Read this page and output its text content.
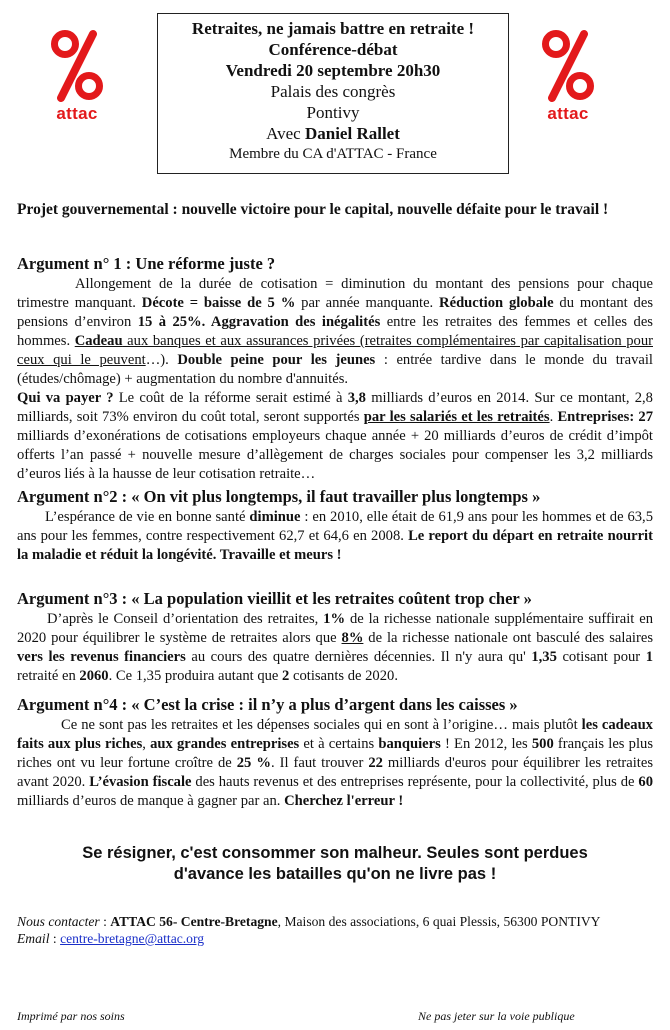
attac	attac
Retraites, ne jamais battre en retraite !
Conférence-débat
Vendredi 20 septembre 20h30
Palais des congrès
Pontivy
Avec Daniel Rallet
Membre du CA d'ATTAC - France
Projet gouvernemental : nouvelle victoire pour le capital, nouvelle défaite pour le travail !
Argument n° 1 : Une réforme juste ?

Allongement de la durée de cotisation = diminution du montant des pensions pour chaque trimestre manquant. Décote = baisse de 5 % par année manquante. Réduction globale du montant des pensions d’environ 15 à 25%. Aggravation des inégalités entre les retraites des femmes et celles des hommes. Cadeau aux banques et aux assurances privées (retraites complémentaires par capitalisation pour ceux qui le peuvent…). Double peine pour les jeunes : entrée tardive dans le monde du travail (études/chômage) + augmentation du nombre d'annuités.

Qui va payer ? Le coût de la réforme serait estimé à 3,8 milliards d’euros en 2014. Sur ce montant, 2,8 milliards, soit 73% environ du coût total, seront supportés par les salariés et les retraités. Entreprises: 27 milliards d’exonérations de cotisations employeurs chaque année + 20 milliards d’euros de crédit d’impôt offerts l’an passé + nouvelle mesure d’allègement de charges sociales pour compenser les 3,2 milliards d’euros liés à la hausse de leur cotisation retraite…

Argument n°2 : « On vit plus longtemps, il faut travailler plus longtemps »

L’espérance de vie en bonne santé diminue : en 2010, elle était de 61,9 ans pour les hommes et de 63,5 ans pour les femmes, contre respectivement 62,7 et 64,6 en 2008. Le report du départ en retraite nourrit la maladie et réduit la longévité. Travaille et meurs !

Argument n°3 : « La population vieillit et les retraites coûtent trop cher »

D’après le Conseil d’orientation des retraites, 1% de la richesse nationale supplémentaire suffirait en 2020 pour équilibrer le système de retraites alors que 8% de la richesse nationale ont basculé des salaires vers les revenus financiers au cours des quatre dernières décennies. Il n'y aura qu' 1,35 cotisant pour 1 retraité en 2060. Ce 1,35 produira autant que 2 cotisants de 2020.

Argument n°4 : « C’est la crise : il n’y a plus d’argent dans les caisses »

Ce ne sont pas les retraites et les dépenses sociales qui en sont à l’origine… mais plutôt les cadeaux faits aux plus riches, aux grandes entreprises et à certains banquiers ! En 2012, les 500 français les plus riches ont vu leur fortune croître de 25 %. Il faut trouver 22 milliards d'euros pour équilibrer les retraites avant 2020. L’évasion fiscale des hauts revenus et des entreprises représente, pour la collectivité, plus de 60 milliards d’euros de manque à gagner par an. Cherchez l'erreur !

Se résigner, c'est consommer son malheur. Seules sont perdues
d'avance les batailles qu'on ne livre pas !
Nous contacter : ATTAC 56- Centre-Bretagne, Maison des associations, 6 quai Plessis, 56300 PONTIVY
Email : centre-bretagne@attac.org
Imprimé par nos soins	Ne pas jeter sur la voie publique
